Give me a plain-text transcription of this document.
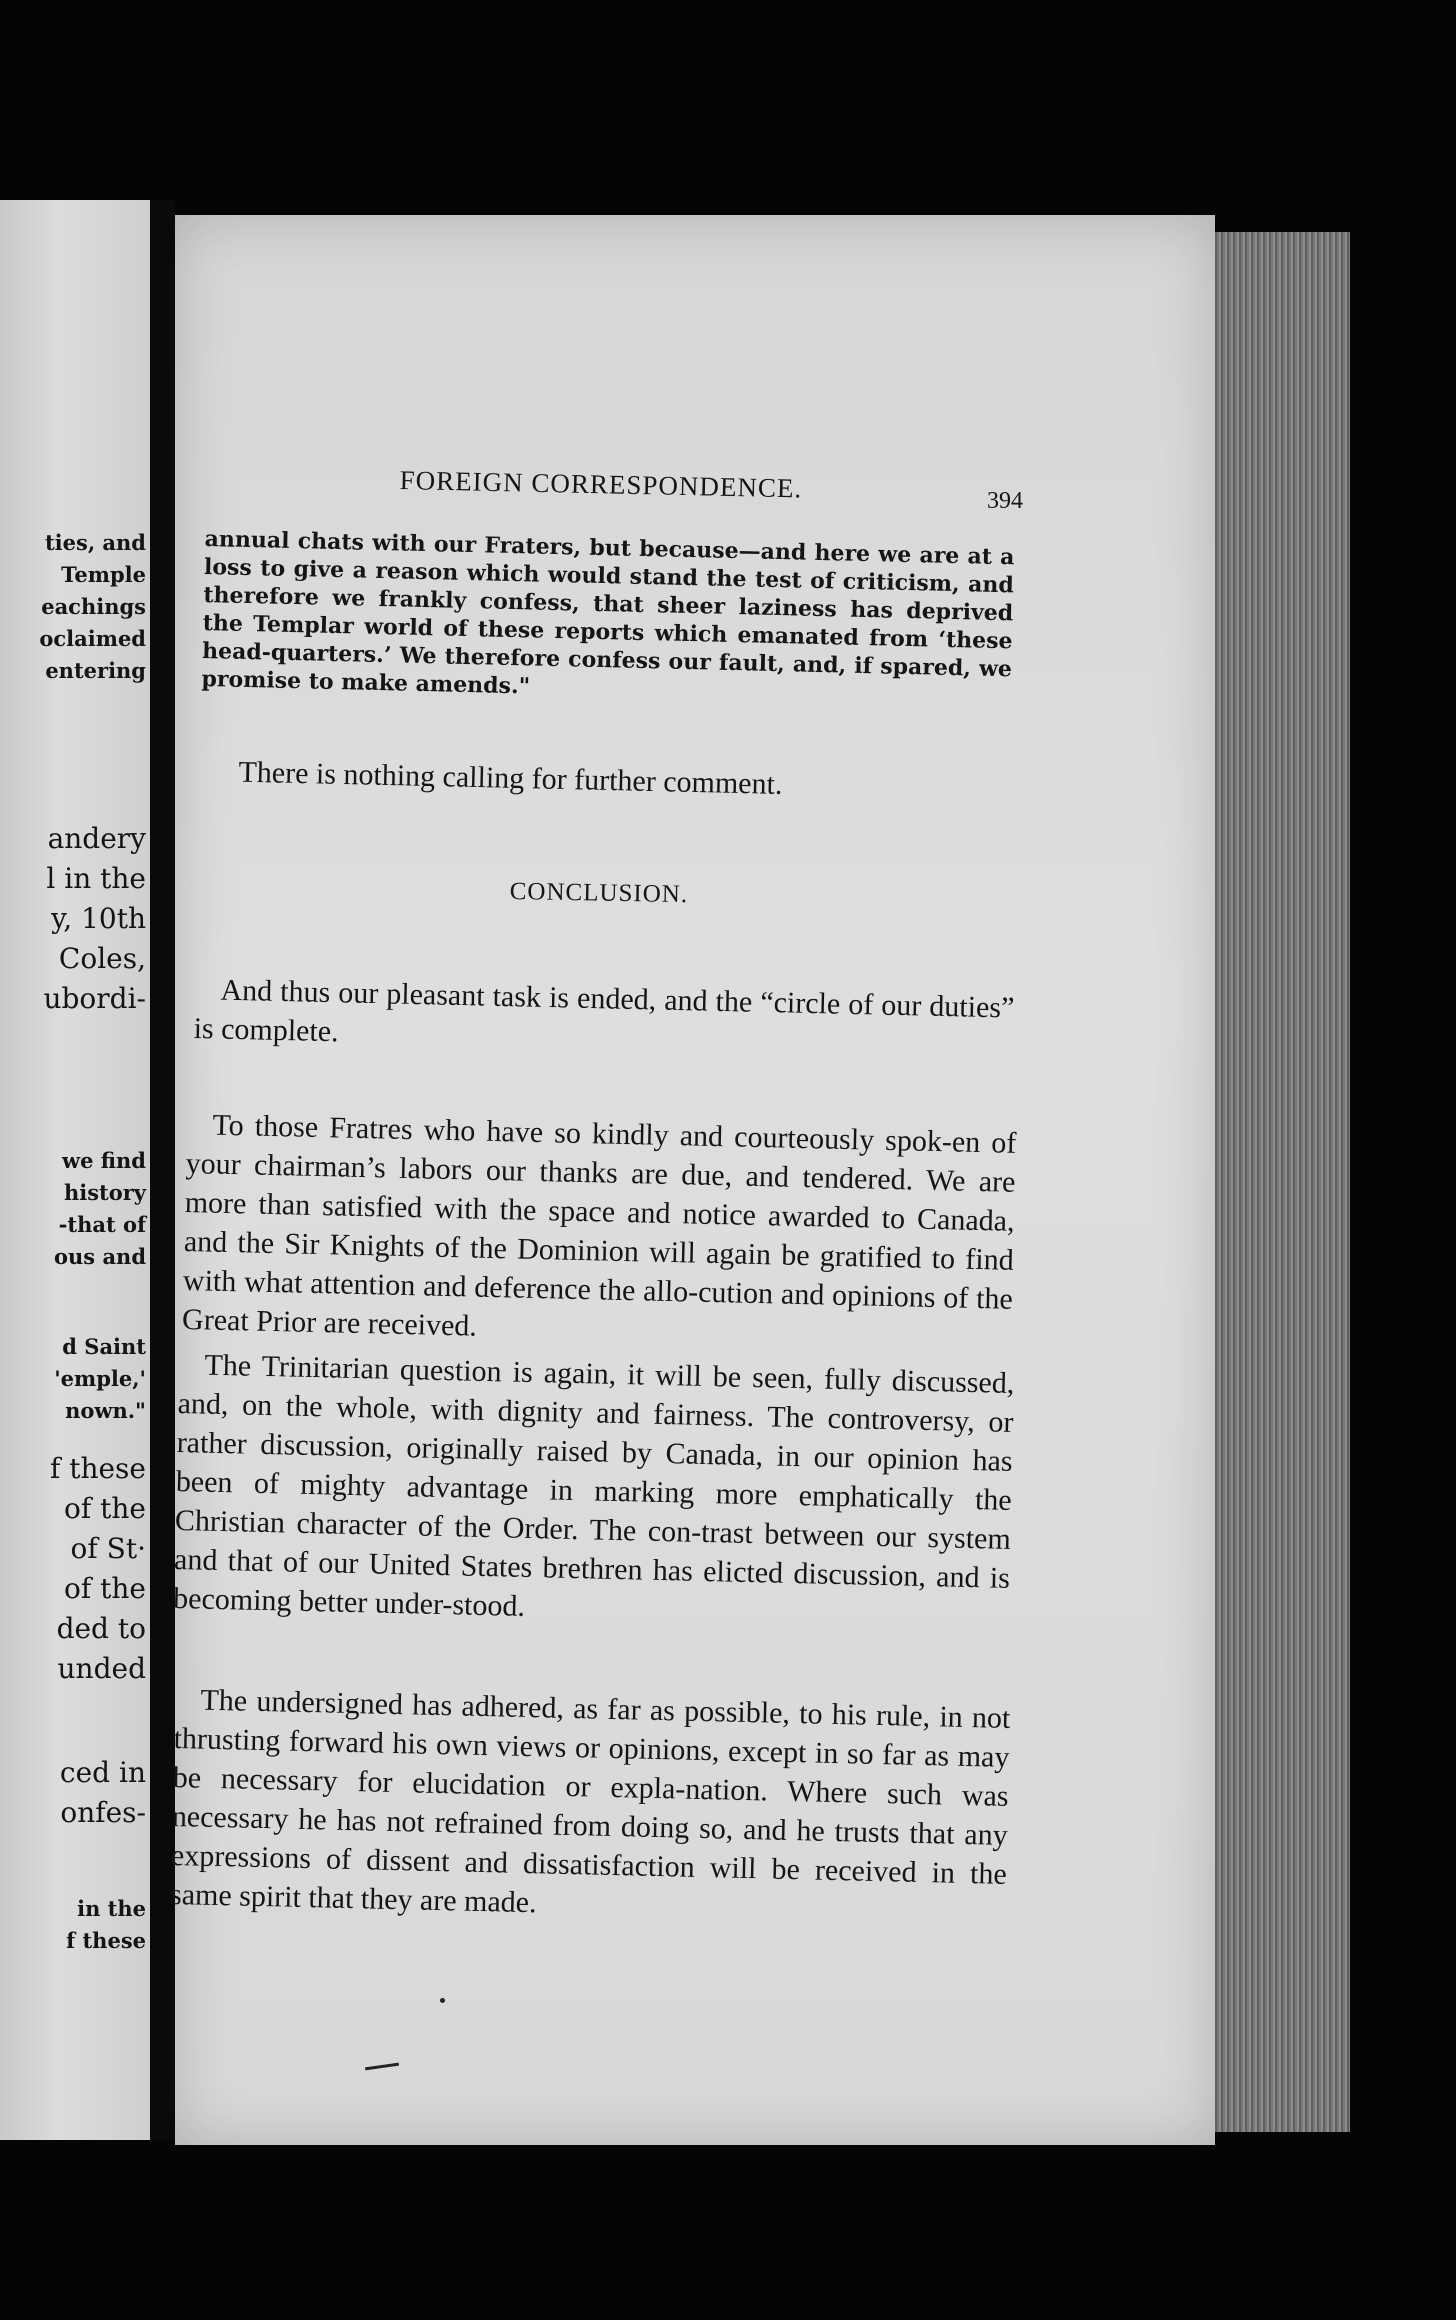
ties, and
Temple
eachings
oclaimed
entering
andery
l in the
y, 10th
Coles,
ubordi-
we find
history
-that of
ous and
d Saint
'emple,'
nown."
f these
of the
of St·
of the
ded to
unded
ced in
onfes-
in the
f these
FOREIGN CORRESPONDENCE.	394
annual chats with our Fraters, but because—and here we are at a loss to give a reason which would stand the test of criticism, and therefore we frankly confess, that sheer laziness has deprived the Templar world of these reports which emanated from ‘these head-quarters.’ We therefore confess our fault, and, if spared, we promise to make amends."
There is nothing calling for further comment.
CONCLUSION.
And thus our pleasant task is ended, and the “circle of our duties” is complete.
To those Fratres who have so kindly and courteously spok-en of your chairman’s labors our thanks are due, and tendered. We are more than satisfied with the space and notice awarded to Canada, and the Sir Knights of the Dominion will again be gratified to find with what attention and deference the allo-cution and opinions of the Great Prior are received.
The Trinitarian question is again, it will be seen, fully discussed, and, on the whole, with dignity and fairness. The controversy, or rather discussion, originally raised by Canada, in our opinion has been of mighty advantage in marking more emphatically the Christian character of the Order. The con-trast between our system and that of our United States brethren has elicted discussion, and is becoming better under-stood.
The undersigned has adhered, as far as possible, to his rule, in not thrusting forward his own views or opinions, except in so far as may be necessary for elucidation or expla-nation. Where such was necessary he has not refrained from doing so, and he trusts that any expressions of dissent and dissatisfaction will be received in the same spirit that they are made.
